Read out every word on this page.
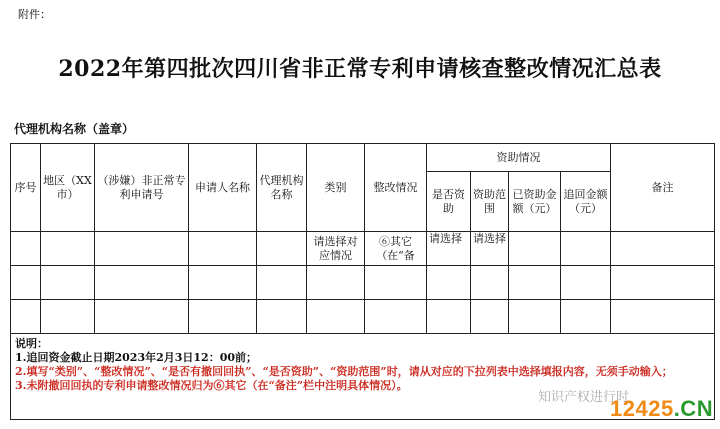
附件：
2022年第四批次四川省非正常专利申请核查整改情况汇总表
代理机构名称（盖章）
序号	地区（XX市）	（涉嫌）非正常专利申请号	申请人名称	代理机构名称	类别	整改情况	资助情况				备注
							是否资助	资助范围	已资助金额（元）	追回金额（元）	
					请选择对应情况	⑥其它（在“备	请选择	请选择			

说明：
1.追回资金截止日期2023年2月3日12：00前；
2.填写“类别”、“整改情况”、“是否有撤回回执”、“是否资助”、“资助范围”时，请从对应的下拉列表中选择填报内容，无须手动输入；
3.未附撤回回执的专利申请整改情况归为⑥其它（在“备注”栏中注明具体情况）。											
知识产权进行时
12425.CN
